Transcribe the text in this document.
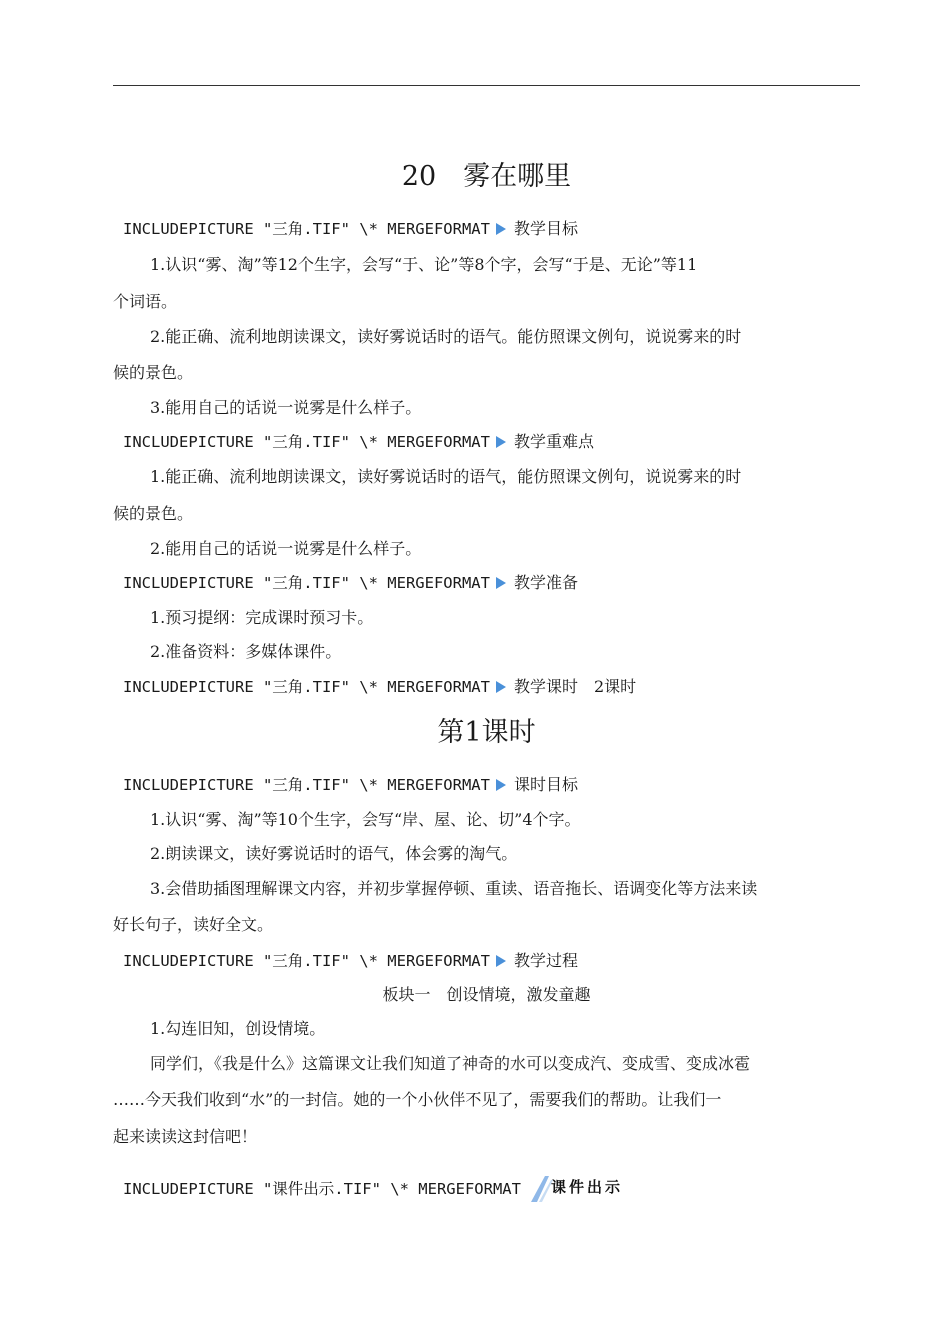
20　雾在哪里
INCLUDEPICTURE "三角.TIF" \* MERGEFORMAT 教学目标
1.认识“雾、淘”等12个生字，会写“于、论”等8个字，会写“于是、无论”等11
个词语。
2.能正确、流利地朗读课文，读好雾说话时的语气。能仿照课文例句，说说雾来的时
候的景色。
3.能用自己的话说一说雾是什么样子。
INCLUDEPICTURE "三角.TIF" \* MERGEFORMAT 教学重难点
1.能正确、流利地朗读课文，读好雾说话时的语气，能仿照课文例句，说说雾来的时
候的景色。
2.能用自己的话说一说雾是什么样子。
INCLUDEPICTURE "三角.TIF" \* MERGEFORMAT 教学准备
1.预习提纲：完成课时预习卡。
2.准备资料：多媒体课件。
INCLUDEPICTURE "三角.TIF" \* MERGEFORMAT 教学课时　2课时
第1课时
INCLUDEPICTURE "三角.TIF" \* MERGEFORMAT 课时目标
1.认识“雾、淘”等10个生字，会写“岸、屋、论、切”4个字。
2.朗读课文，读好雾说话时的语气，体会雾的淘气。
3.会借助插图理解课文内容，并初步掌握停顿、重读、语音拖长、语调变化等方法来读
好长句子，读好全文。
INCLUDEPICTURE "三角.TIF" \* MERGEFORMAT 教学过程
板块一　创设情境，激发童趣
1.勾连旧知，创设情境。
同学们，《我是什么》这篇课文让我们知道了神奇的水可以变成汽、变成雪、变成冰雹
……今天我们收到“水”的一封信。她的一个小伙伴不见了，需要我们的帮助。让我们一
起来读读这封信吧！
INCLUDEPICTURE "课件出示.TIF" \* MERGEFORMAT 课件出示
